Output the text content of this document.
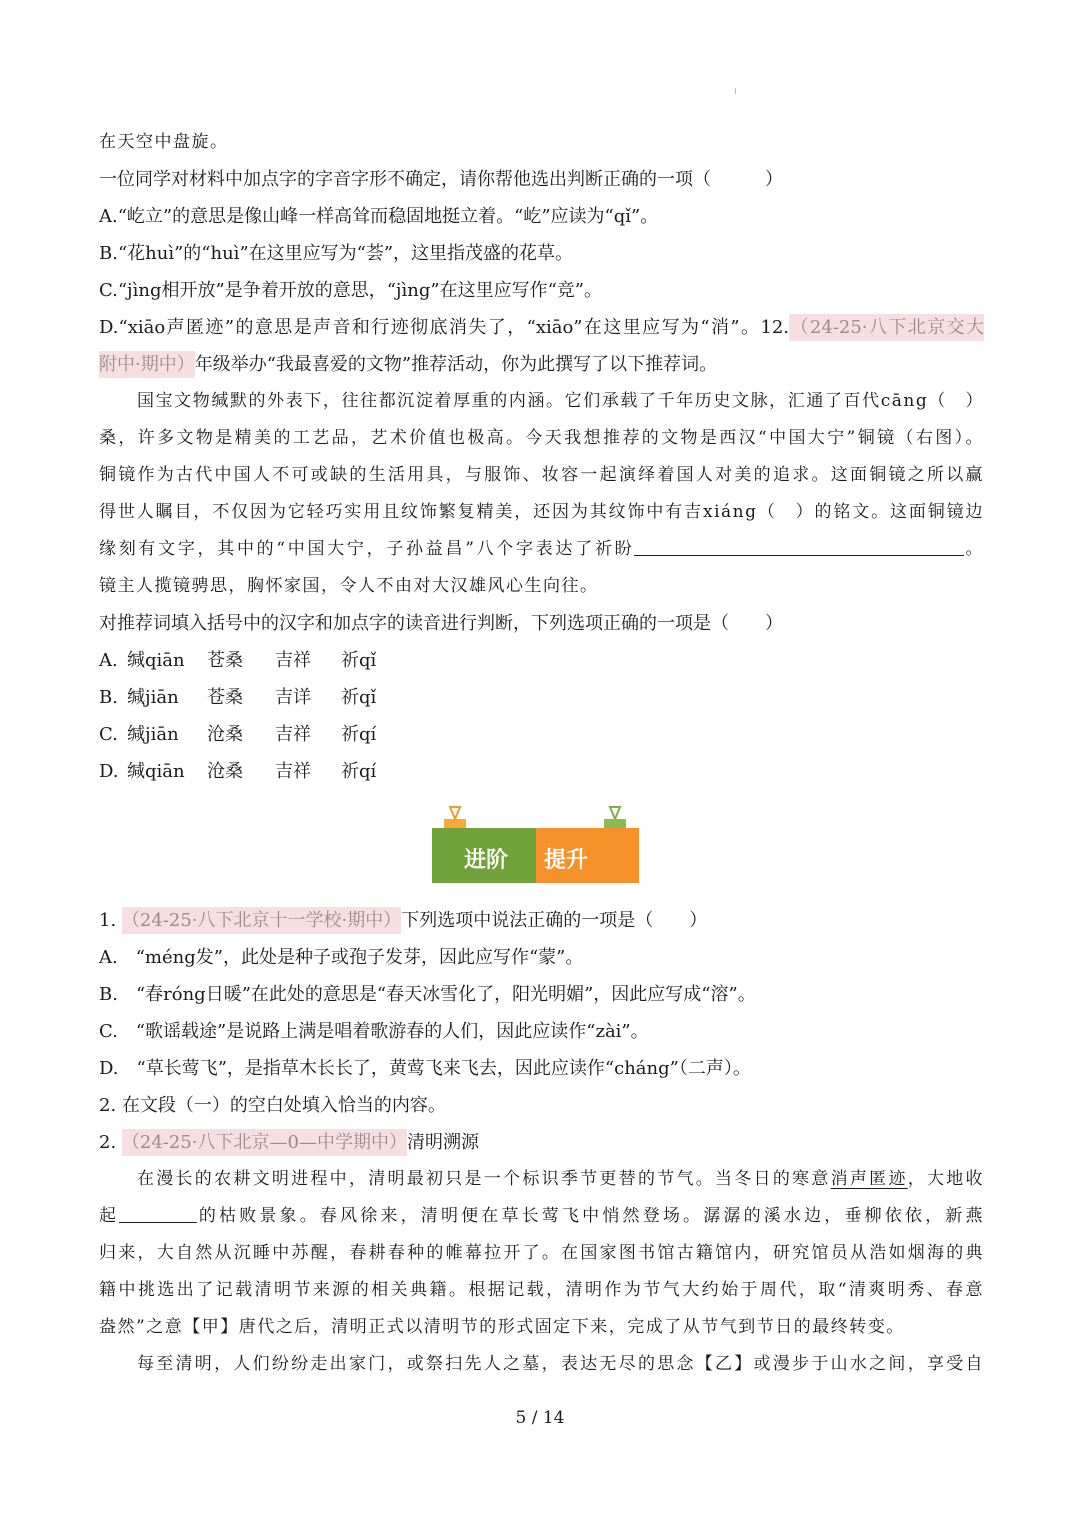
在天空中盘旋。
一位同学对材料中加点字的字音字形不确定，请你帮他选出判断正确的一项（　　　）
A.“屹立”的意思是像山峰一样高耸而稳固地挺立着。“屹”应读为“qǐ”。
B.“花huì”的“huì”在这里应写为“荟”，这里指茂盛的花草。
C.“jìng相开放”是争着开放的意思，“jìng”在这里应写作“竞”。
D.“xiāo声匿迹”的意思是声音和行迹彻底消失了，“xiāo”在这里应写为“消”。12.（24-25·八下北京交大
附中·期中）年级举办“我最喜爱的文物”推荐活动，你为此撰写了以下推荐词。
国宝文物缄默的外表下，往往都沉淀着厚重的内涵。它们承载了千年历史文脉，汇通了百代cāng（　）
桑，许多文物是精美的工艺品，艺术价值也极高。今天我想推荐的文物是西汉“中国大宁”铜镜（右图）。
铜镜作为古代中国人不可或缺的生活用具，与服饰、妆容一起演绎着国人对美的追求。这面铜镜之所以赢
得世人瞩目，不仅因为它轻巧实用且纹饰繁复精美，还因为其纹饰中有吉xiáng（　）的铭文。这面铜镜边
缘刻有文字，其中的“中国大宁，子孙益昌”八个字表达了祈盼	。
镜主人揽镜骋思，胸怀家国，令人不由对大汉雄风心生向往。
对推荐词填入括号中的汉字和加点字的读音进行判断，下列选项正确的一项是（　　）
A. 缄qiān 苍桑 吉祥 祈qǐ
B. 缄jiān 苍桑 吉详 祈qǐ
C. 缄jiān 沧桑 吉祥 祈qí
D. 缄qiān 沧桑 吉祥 祈qí
进阶 提升
1. （24-25·八下北京十一学校·期中）下列选项中说法正确的一项是（　　）
A.　“méng发”，此处是种子或孢子发芽，因此应写作“蒙”。
B.　“春róng日暖”在此处的意思是“春天冰雪化了，阳光明媚”，因此应写成“溶”。
C.　“歌谣载途”是说路上满是唱着歌游春的人们，因此应读作“zài”。
D.　“草长莺飞”，是指草木长长了，黄莺飞来飞去，因此应读作“cháng”（二声）。
2. 在文段（一）的空白处填入恰当的内容。
2. （24-25·八下北京—0—中学期中）清明溯源
在漫长的农耕文明进程中，清明最初只是一个标识季节更替的节气。当冬日的寒意消声匿迹，大地收
起	的枯败景象。春风徐来，清明便在草长莺飞中悄然登场。潺潺的溪水边，垂柳依依，新燕
归来，大自然从沉睡中苏醒，春耕春种的帷幕拉开了。在国家图书馆古籍馆内，研究馆员从浩如烟海的典
籍中挑选出了记载清明节来源的相关典籍。根据记载，清明作为节气大约始于周代，取“清爽明秀、春意
盎然”之意【甲】唐代之后，清明正式以清明节的形式固定下来，完成了从节气到节日的最终转变。
每至清明，人们纷纷走出家门，或祭扫先人之墓，表达无尽的思念【乙】或漫步于山水之间，享受自
5 / 14
